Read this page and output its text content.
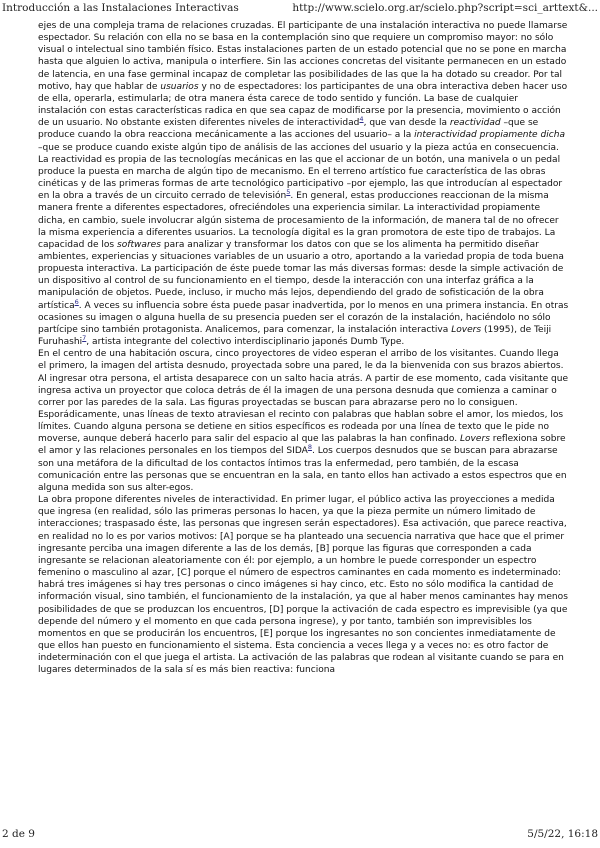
Introducción a las Instalaciones Interactivas	http://www.scielo.org.ar/scielo.php?script=sci_arttext&...

ejes de una compleja trama de relaciones cruzadas. El participante de una instalación interactiva no puede llamarse espectador. Su relación con ella no se basa en la contemplación sino que requiere un compromiso mayor: no sólo visual o intelectual sino también físico. Estas instalaciones parten de un estado potencial que no se pone en marcha hasta que alguien lo activa, manipula o interfiere. Sin las acciones concretas del visitante permanecen en un estado de latencia, en una fase germinal incapaz de completar las posibilidades de las que la ha dotado su creador. Por tal motivo, hay que hablar de usuarios y no de espectadores: los participantes de una obra interactiva deben hacer uso de ella, operarla, estimularla; de otra manera ésta carece de todo sentido y función. La base de cualquier instalación con estas características radica en que sea capaz de modificarse por la presencia, movimiento o acción de un usuario. No obstante existen diferentes niveles de interactividad$^4$, que van desde la reactividad –que se produce cuando la obra reacciona mecánicamente a las acciones del usuario– a la interactividad propiamente dicha –que se produce cuando existe algún tipo de análisis de las acciones del usuario y la pieza actúa en consecuencia. La reactividad es propia de las tecnologías mecánicas en las que el accionar de un botón, una manivela o un pedal produce la puesta en marcha de algún tipo de mecanismo. En el terreno artístico fue característica de las obras cinéticas y de las primeras formas de arte tecnológico participativo –por ejemplo, las que introducían al espectador en la obra a través de un circuito cerrado de televisión$^5$. En general, estas producciones reaccionan de la misma manera frente a diferentes espectadores, ofreciéndoles una experiencia similar. La interactividad propiamente dicha, en cambio, suele involucrar algún sistema de procesamiento de la información, de manera tal de no ofrecer la misma experiencia a diferentes usuarios. La tecnología digital es la gran promotora de este tipo de trabajos. La capacidad de los softwares para analizar y transformar los datos con que se los alimenta ha permitido diseñar ambientes, experiencias y situaciones variables de un usuario a otro, aportando a la variedad propia de toda buena propuesta interactiva. La participación de éste puede tomar las más diversas formas: desde la simple activación de un dispositivo al control de su funcionamiento en el tiempo, desde la interacción con una interfaz gráfica a la manipulación de objetos. Puede, incluso, ir mucho más lejos, dependiendo del grado de sofisticación de la obra artística$^6$. A veces su influencia sobre ésta puede pasar inadvertida, por lo menos en una primera instancia. En otras ocasiones su imagen o alguna huella de su presencia pueden ser el corazón de la instalación, haciéndolo no sólo partícipe sino también protagonista. Analicemos, para comenzar, la instalación interactiva Lovers (1995), de Teiji Furuhashi$^7$, artista integrante del colectivo interdisciplinario japonés Dumb Type.

En el centro de una habitación oscura, cinco proyectores de video esperan el arribo de los visitantes. Cuando llega el primero, la imagen del artista desnudo, proyectada sobre una pared, le da la bienvenida con sus brazos abiertos. Al ingresar otra persona, el artista desaparece con un salto hacia atrás. A partir de ese momento, cada visitante que ingresa activa un proyector que coloca detrás de él la imagen de una persona desnuda que comienza a caminar o correr por las paredes de la sala. Las figuras proyectadas se buscan para abrazarse pero no lo consiguen. Esporádicamente, unas líneas de texto atraviesan el recinto con palabras que hablan sobre el amor, los miedos, los límites. Cuando alguna persona se detiene en sitios específicos es rodeada por una línea de texto que le pide no moverse, aunque deberá hacerlo para salir del espacio al que las palabras la han confinado. Lovers reflexiona sobre el amor y las relaciones personales en los tiempos del SIDA$^8$. Los cuerpos desnudos que se buscan para abrazarse son una metáfora de la dificultad de los contactos íntimos tras la enfermedad, pero también, de la escasa comunicación entre las personas que se encuentran en la sala, en tanto ellos han activado a estos espectros que en alguna medida son sus alter-egos.

La obra propone diferentes niveles de interactividad. En primer lugar, el público activa las proyecciones a medida que ingresa (en realidad, sólo las primeras personas lo hacen, ya que la pieza permite un número limitado de interacciones; traspasado éste, las personas que ingresen serán espectadores). Esa activación, que parece reactiva, en realidad no lo es por varios motivos: [A] porque se ha planteado una secuencia narrativa que hace que el primer ingresante perciba una imagen diferente a las de los demás, [B] porque las figuras que corresponden a cada ingresante se relacionan aleatoriamente con él: por ejemplo, a un hombre le puede corresponder un espectro femenino o masculino al azar, [C] porque el número de espectros caminantes en cada momento es indeterminado: habrá tres imágenes si hay tres personas o cinco imágenes si hay cinco, etc. Esto no sólo modifica la cantidad de información visual, sino también, el funcionamiento de la instalación, ya que al haber menos caminantes hay menos posibilidades de que se produzcan los encuentros, [D] porque la activación de cada espectro es imprevisible (ya que depende del número y el momento en que cada persona ingrese), y por tanto, también son imprevisibles los momentos en que se producirán los encuentros, [E] porque los ingresantes no son concientes inmediatamente de que ellos han puesto en funcionamiento el sistema. Esta conciencia a veces llega y a veces no: es otro factor de indeterminación con el que juega el artista. La activación de las palabras que rodean al visitante cuando se para en lugares determinados de la sala sí es más bien reactiva: funciona

2 de 9	5/5/22, 16:18
